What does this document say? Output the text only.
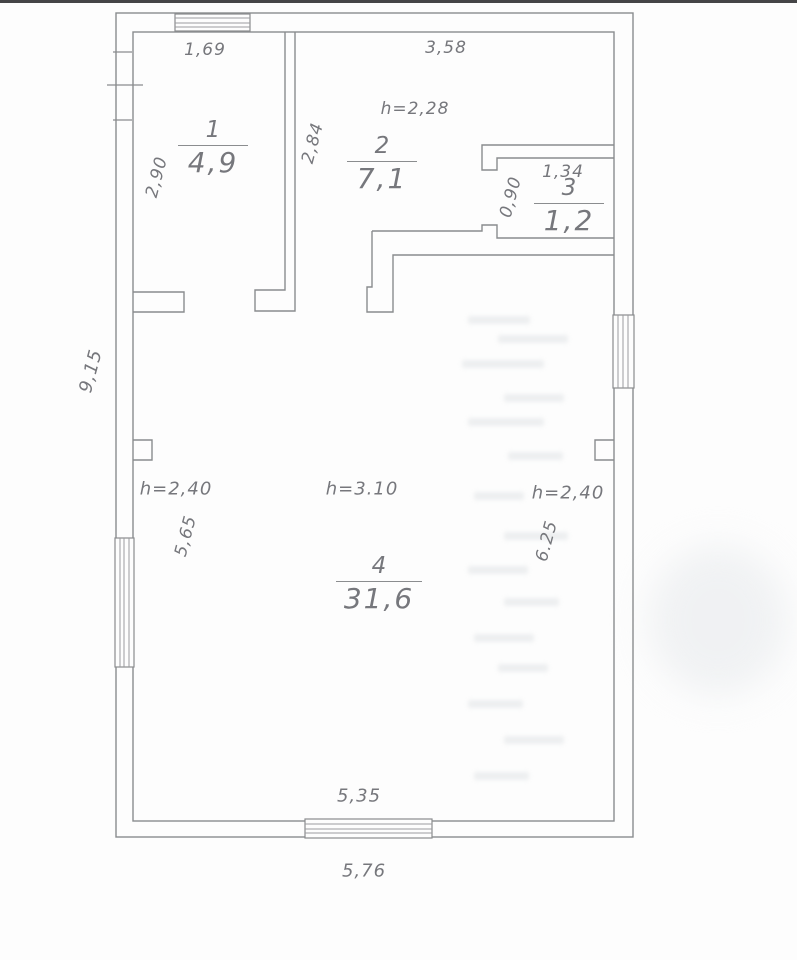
1
4,9
2
7,1	3
1,2
4
31,6
1,69	3,58
h=2,28
2,90
2,84
1,34
0,90
9,15
h=2,40	h=3.10	h=2,40
5,65	6.25
5,35
5,76
